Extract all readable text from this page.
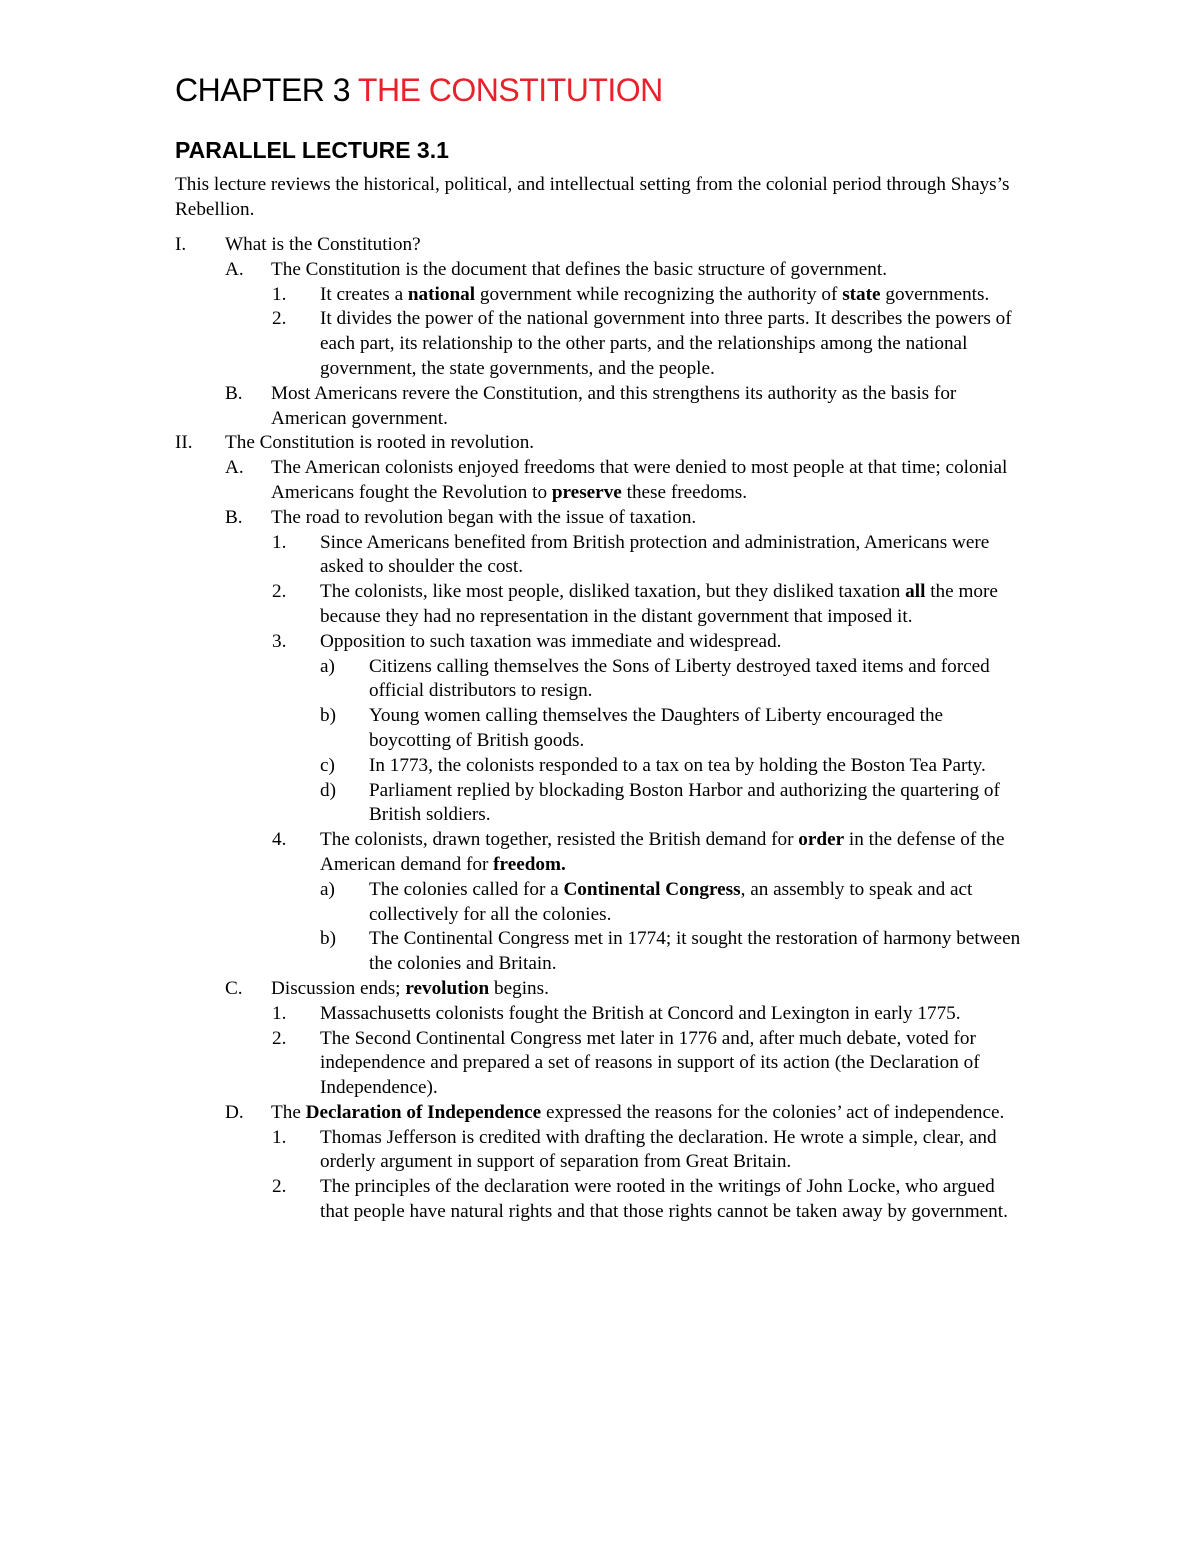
CHAPTER 3 THE CONSTITUTION
PARALLEL LECTURE 3.1
This lecture reviews the historical, political, and intellectual setting from the colonial period through Shays’s Rebellion.
I. What is the Constitution?
A. The Constitution is the document that defines the basic structure of government.
1. It creates a national government while recognizing the authority of state governments.
2. It divides the power of the national government into three parts. It describes the powers of each part, its relationship to the other parts, and the relationships among the national government, the state governments, and the people.
B. Most Americans revere the Constitution, and this strengthens its authority as the basis for American government.
II. The Constitution is rooted in revolution.
A. The American colonists enjoyed freedoms that were denied to most people at that time; colonial Americans fought the Revolution to preserve these freedoms.
B. The road to revolution began with the issue of taxation.
1. Since Americans benefited from British protection and administration, Americans were asked to shoulder the cost.
2. The colonists, like most people, disliked taxation, but they disliked taxation all the more because they had no representation in the distant government that imposed it.
3. Opposition to such taxation was immediate and widespread.
a) Citizens calling themselves the Sons of Liberty destroyed taxed items and forced official distributors to resign.
b) Young women calling themselves the Daughters of Liberty encouraged the boycotting of British goods.
c) In 1773, the colonists responded to a tax on tea by holding the Boston Tea Party.
d) Parliament replied by blockading Boston Harbor and authorizing the quartering of British soldiers.
4. The colonists, drawn together, resisted the British demand for order in the defense of the American demand for freedom.
a) The colonies called for a Continental Congress, an assembly to speak and act collectively for all the colonies.
b) The Continental Congress met in 1774; it sought the restoration of harmony between the colonies and Britain.
C. Discussion ends; revolution begins.
1. Massachusetts colonists fought the British at Concord and Lexington in early 1775.
2. The Second Continental Congress met later in 1776 and, after much debate, voted for independence and prepared a set of reasons in support of its action (the Declaration of Independence).
D. The Declaration of Independence expressed the reasons for the colonies’ act of independence.
1. Thomas Jefferson is credited with drafting the declaration. He wrote a simple, clear, and orderly argument in support of separation from Great Britain.
2. The principles of the declaration were rooted in the writings of John Locke, who argued that people have natural rights and that those rights cannot be taken away by government.
